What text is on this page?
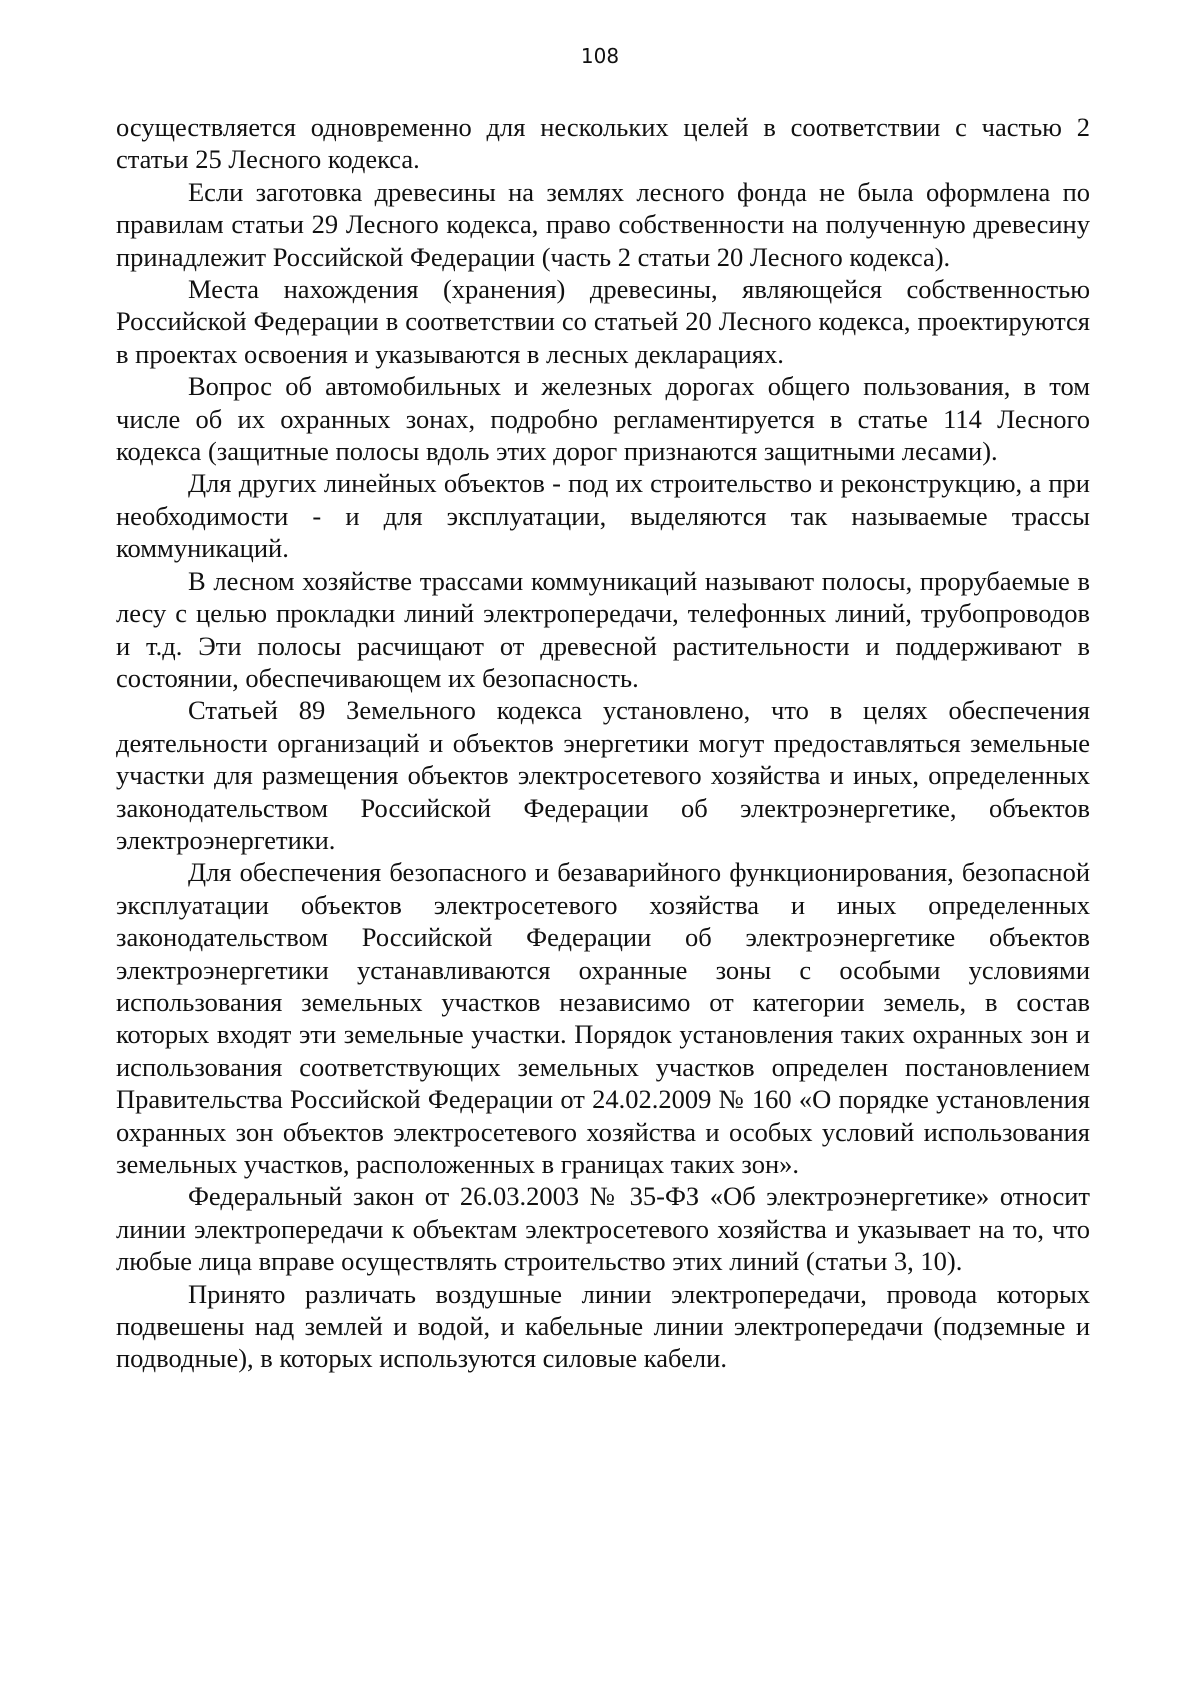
108

осуществляется одновременно для нескольких целей в соответствии с частью 2 статьи 25 Лесного кодекса.

Если заготовка древесины на землях лесного фонда не была оформлена по правилам статьи 29 Лесного кодекса, право собственности на полученную древесину принадлежит Российской Федерации (часть 2 статьи 20 Лесного кодекса).

Места нахождения (хранения) древесины, являющейся собственностью Российской Федерации в соответствии со статьей 20 Лесного кодекса, проектируются в проектах освоения и указываются в лесных декларациях.

Вопрос об автомобильных и железных дорогах общего пользования, в том числе об их охранных зонах, подробно регламентируется в статье 114 Лесного кодекса (защитные полосы вдоль этих дорог признаются защитными лесами).

Для других линейных объектов - под их строительство и реконструкцию, а при необходимости - и для эксплуатации, выделяются так называемые трассы коммуникаций.

В лесном хозяйстве трассами коммуникаций называют полосы, прорубаемые в лесу с целью прокладки линий электропередачи, телефонных линий, трубопроводов и т.д. Эти полосы расчищают от древесной растительности и поддерживают в состоянии, обеспечивающем их безопасность.

Статьей 89 Земельного кодекса установлено, что в целях обеспечения деятельности организаций и объектов энергетики могут предоставляться земельные участки для размещения объектов электросетевого хозяйства и иных, определенных законодательством Российской Федерации об электроэнергетике, объектов электроэнергетики.

Для обеспечения безопасного и безаварийного функционирования, безопасной эксплуатации объектов электросетевого хозяйства и иных определенных законодательством Российской Федерации об электроэнергетике объектов электроэнергетики устанавливаются охранные зоны с особыми условиями использования земельных участков независимо от категории земель, в состав которых входят эти земельные участки. Порядок установления таких охранных зон и использования соответствующих земельных участков определен постановлением Правительства Российской Федерации от 24.02.2009 № 160 «О порядке установления охранных зон объектов электросетевого хозяйства и особых условий использования земельных участков, расположенных в границах таких зон».

Федеральный закон от 26.03.2003 № 35-ФЗ «Об электроэнергетике» относит линии электропередачи к объектам электросетевого хозяйства и указывает на то, что любые лица вправе осуществлять строительство этих линий (статьи 3, 10).

Принято различать воздушные линии электропередачи, провода которых подвешены над землей и водой, и кабельные линии электропередачи (подземные и подводные), в которых используются силовые кабели.
